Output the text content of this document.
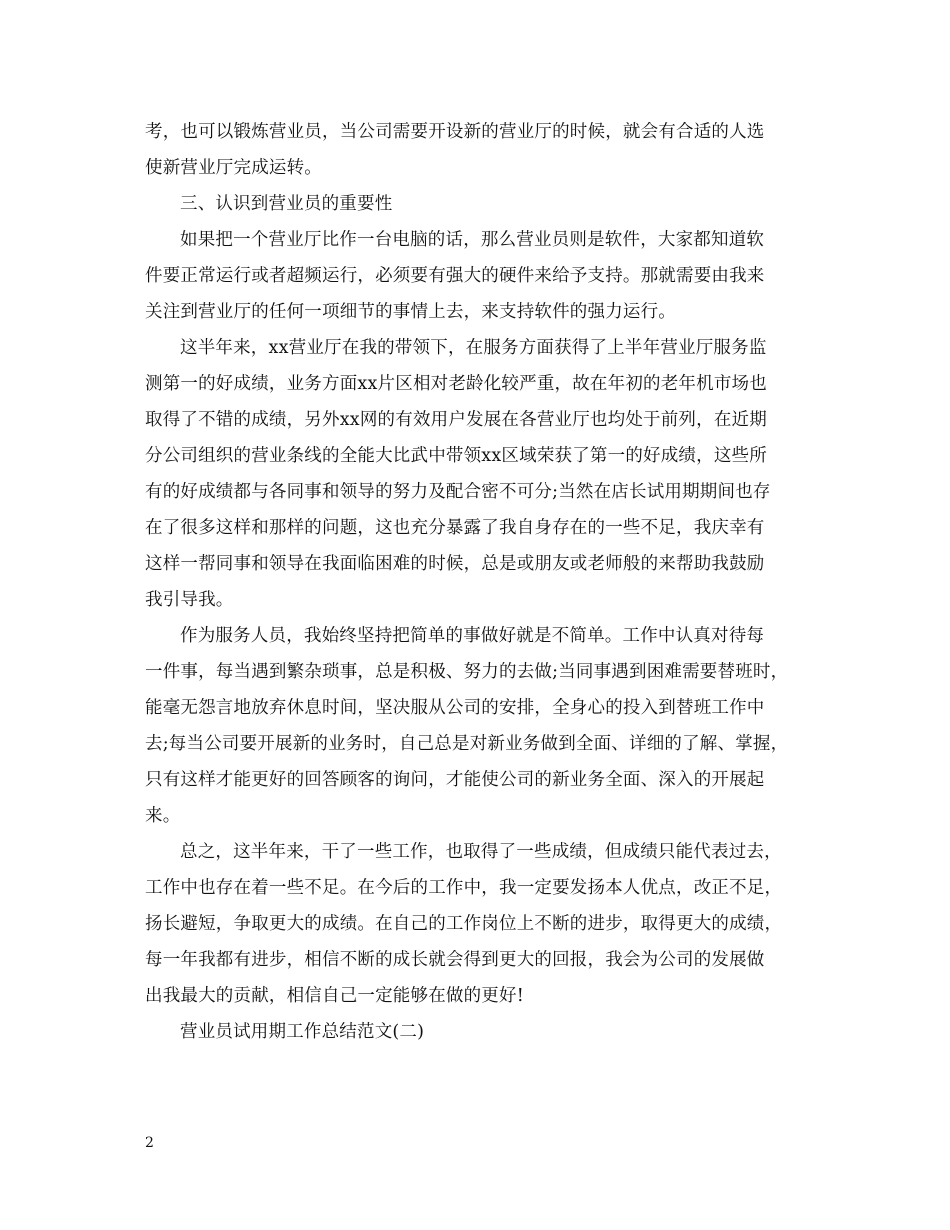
考，也可以锻炼营业员，当公司需要开设新的营业厅的时候，就会有合适的人选
使新营业厅完成运转。
三、认识到营业员的重要性
如果把一个营业厅比作一台电脑的话，那么营业员则是软件，大家都知道软
件要正常运行或者超频运行，必须要有强大的硬件来给予支持。那就需要由我来
关注到营业厅的任何一项细节的事情上去，来支持软件的强力运行。
这半年来，xx营业厅在我的带领下，在服务方面获得了上半年营业厅服务监
测第一的好成绩，业务方面xx片区相对老龄化较严重，故在年初的老年机市场也
取得了不错的成绩，另外xx网的有效用户发展在各营业厅也均处于前列，在近期
分公司组织的营业条线的全能大比武中带领xx区域荣获了第一的好成绩，这些所
有的好成绩都与各同事和领导的努力及配合密不可分;当然在店长试用期期间也存
在了很多这样和那样的问题，这也充分暴露了我自身存在的一些不足，我庆幸有
这样一帮同事和领导在我面临困难的时候，总是或朋友或老师般的来帮助我鼓励
我引导我。
作为服务人员，我始终坚持把简单的事做好就是不简单。工作中认真对待每
一件事，每当遇到繁杂琐事，总是积极、努力的去做;当同事遇到困难需要替班时，
能毫无怨言地放弃休息时间，坚决服从公司的安排，全身心的投入到替班工作中
去;每当公司要开展新的业务时，自己总是对新业务做到全面、详细的了解、掌握，
只有这样才能更好的回答顾客的询问，才能使公司的新业务全面、深入的开展起
来。
总之，这半年来，干了一些工作，也取得了一些成绩，但成绩只能代表过去，
工作中也存在着一些不足。在今后的工作中，我一定要发扬本人优点，改正不足，
扬长避短，争取更大的成绩。在自己的工作岗位上不断的进步，取得更大的成绩，
每一年我都有进步，相信不断的成长就会得到更大的回报，我会为公司的发展做
出我最大的贡献，相信自己一定能够在做的更好!
营业员试用期工作总结范文(二)
2
